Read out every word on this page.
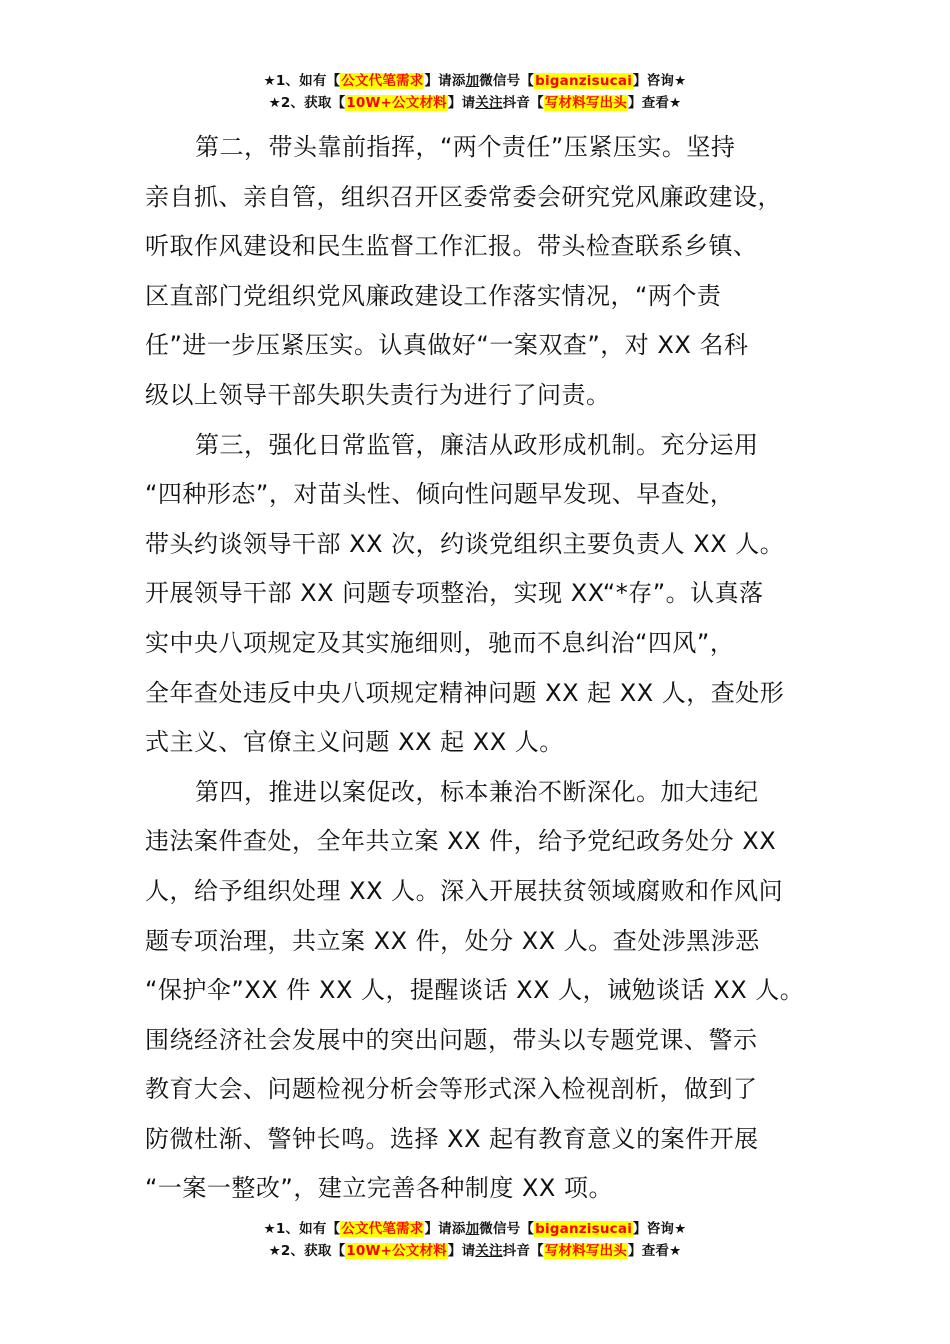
★1、如有【公文代笔需求】请添加微信号【biganzisucai】咨询★
★2、获取【10W+公文材料】请关注抖音【写材料写出头】查看★
第二，带头靠前指挥，“两个责任”压紧压实。坚持
亲自抓、亲自管，组织召开区委常委会研究党风廉政建设，
听取作风建设和民生监督工作汇报。带头检查联系乡镇、
区直部门党组织党风廉政建设工作落实情况，“两个责
任”进一步压紧压实。认真做好“一案双查”，对 XX 名科
级以上领导干部失职失责行为进行了问责。
第三，强化日常监管，廉洁从政形成机制。充分运用
“四种形态”，对苗头性、倾向性问题早发现、早查处，
带头约谈领导干部 XX 次，约谈党组织主要负责人 XX 人。
开展领导干部 XX 问题专项整治，实现 XX“*存”。认真落
实中央八项规定及其实施细则，驰而不息纠治“四风”，
全年查处违反中央八项规定精神问题 XX 起 XX 人，查处形
式主义、官僚主义问题 XX 起 XX 人。
第四，推进以案促改，标本兼治不断深化。加大违纪
违法案件查处，全年共立案 XX 件，给予党纪政务处分 XX
人，给予组织处理 XX 人。深入开展扶贫领域腐败和作风问
题专项治理，共立案 XX 件，处分 XX 人。查处涉黑涉恶
“保护伞”XX 件 XX 人，提醒谈话 XX 人，诫勉谈话 XX 人。
围绕经济社会发展中的突出问题，带头以专题党课、警示
教育大会、问题检视分析会等形式深入检视剖析，做到了
防微杜渐、警钟长鸣。选择 XX 起有教育意义的案件开展
“一案一整改”，建立完善各种制度 XX 项。
★1、如有【公文代笔需求】请添加微信号【biganzisucai】咨询★
★2、获取【10W+公文材料】请关注抖音【写材料写出头】查看★
